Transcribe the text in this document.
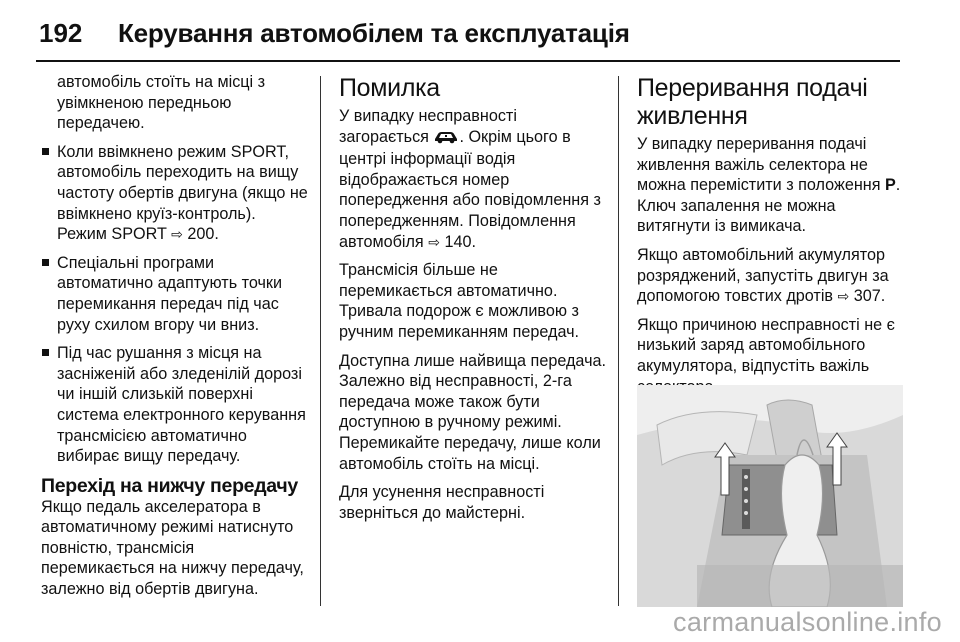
192 Керування автомобілем та експлуатація

автомобіль стоїть на місці з увімкненою передньою передачею.

Коли ввімкнено режим SPORT, автомобіль переходить на вищу частоту обертів двигуна (якщо не ввімкнено круїз-контроль). Режим SPORT ⇨ 200.
Спеціальні програми автоматично адаптують точки перемикання передач під час руху схилом вгору чи вниз.
Під час рушання з місця на засніженій або зледенілій дорозі чи іншій слизькій поверхні система електронного керування трансмісією автоматично вибирає вищу передачу.
Перехід на нижчу передачу

Якщо педаль акселератора в автоматичному режимі натиснуто повністю, трансмісія перемикається на нижчу передачу, залежно від обертів двигуна.

Помилка

У випадку несправності загорається . Окрім цього в центрі інформації водія відображається номер попередження або повідомлення з попередженням. Повідомлення автомобіля ⇨ 140.

Трансмісія більше не перемикається автоматично. Тривала подорож є можливою з ручним перемиканням передач.

Доступна лише найвища передача. Залежно від несправності, 2-га передача може також бути доступною в ручному режимі. Перемикайте передачу, лише коли автомобіль стоїть на місці.

Для усунення несправності зверніться до майстерні.

Переривання подачі живлення

У випадку переривання подачі живлення важіль селектора не можна перемістити з положення P. Ключ запалення не можна витягнути із вимикача.

Якщо автомобільний акумулятор розряджений, запустіть двигун за допомогою товстих дротів ⇨ 307.

Якщо причиною несправності не є низький заряд автомобільного акумулятора, відпустіть важіль

carmanualsonline.info
